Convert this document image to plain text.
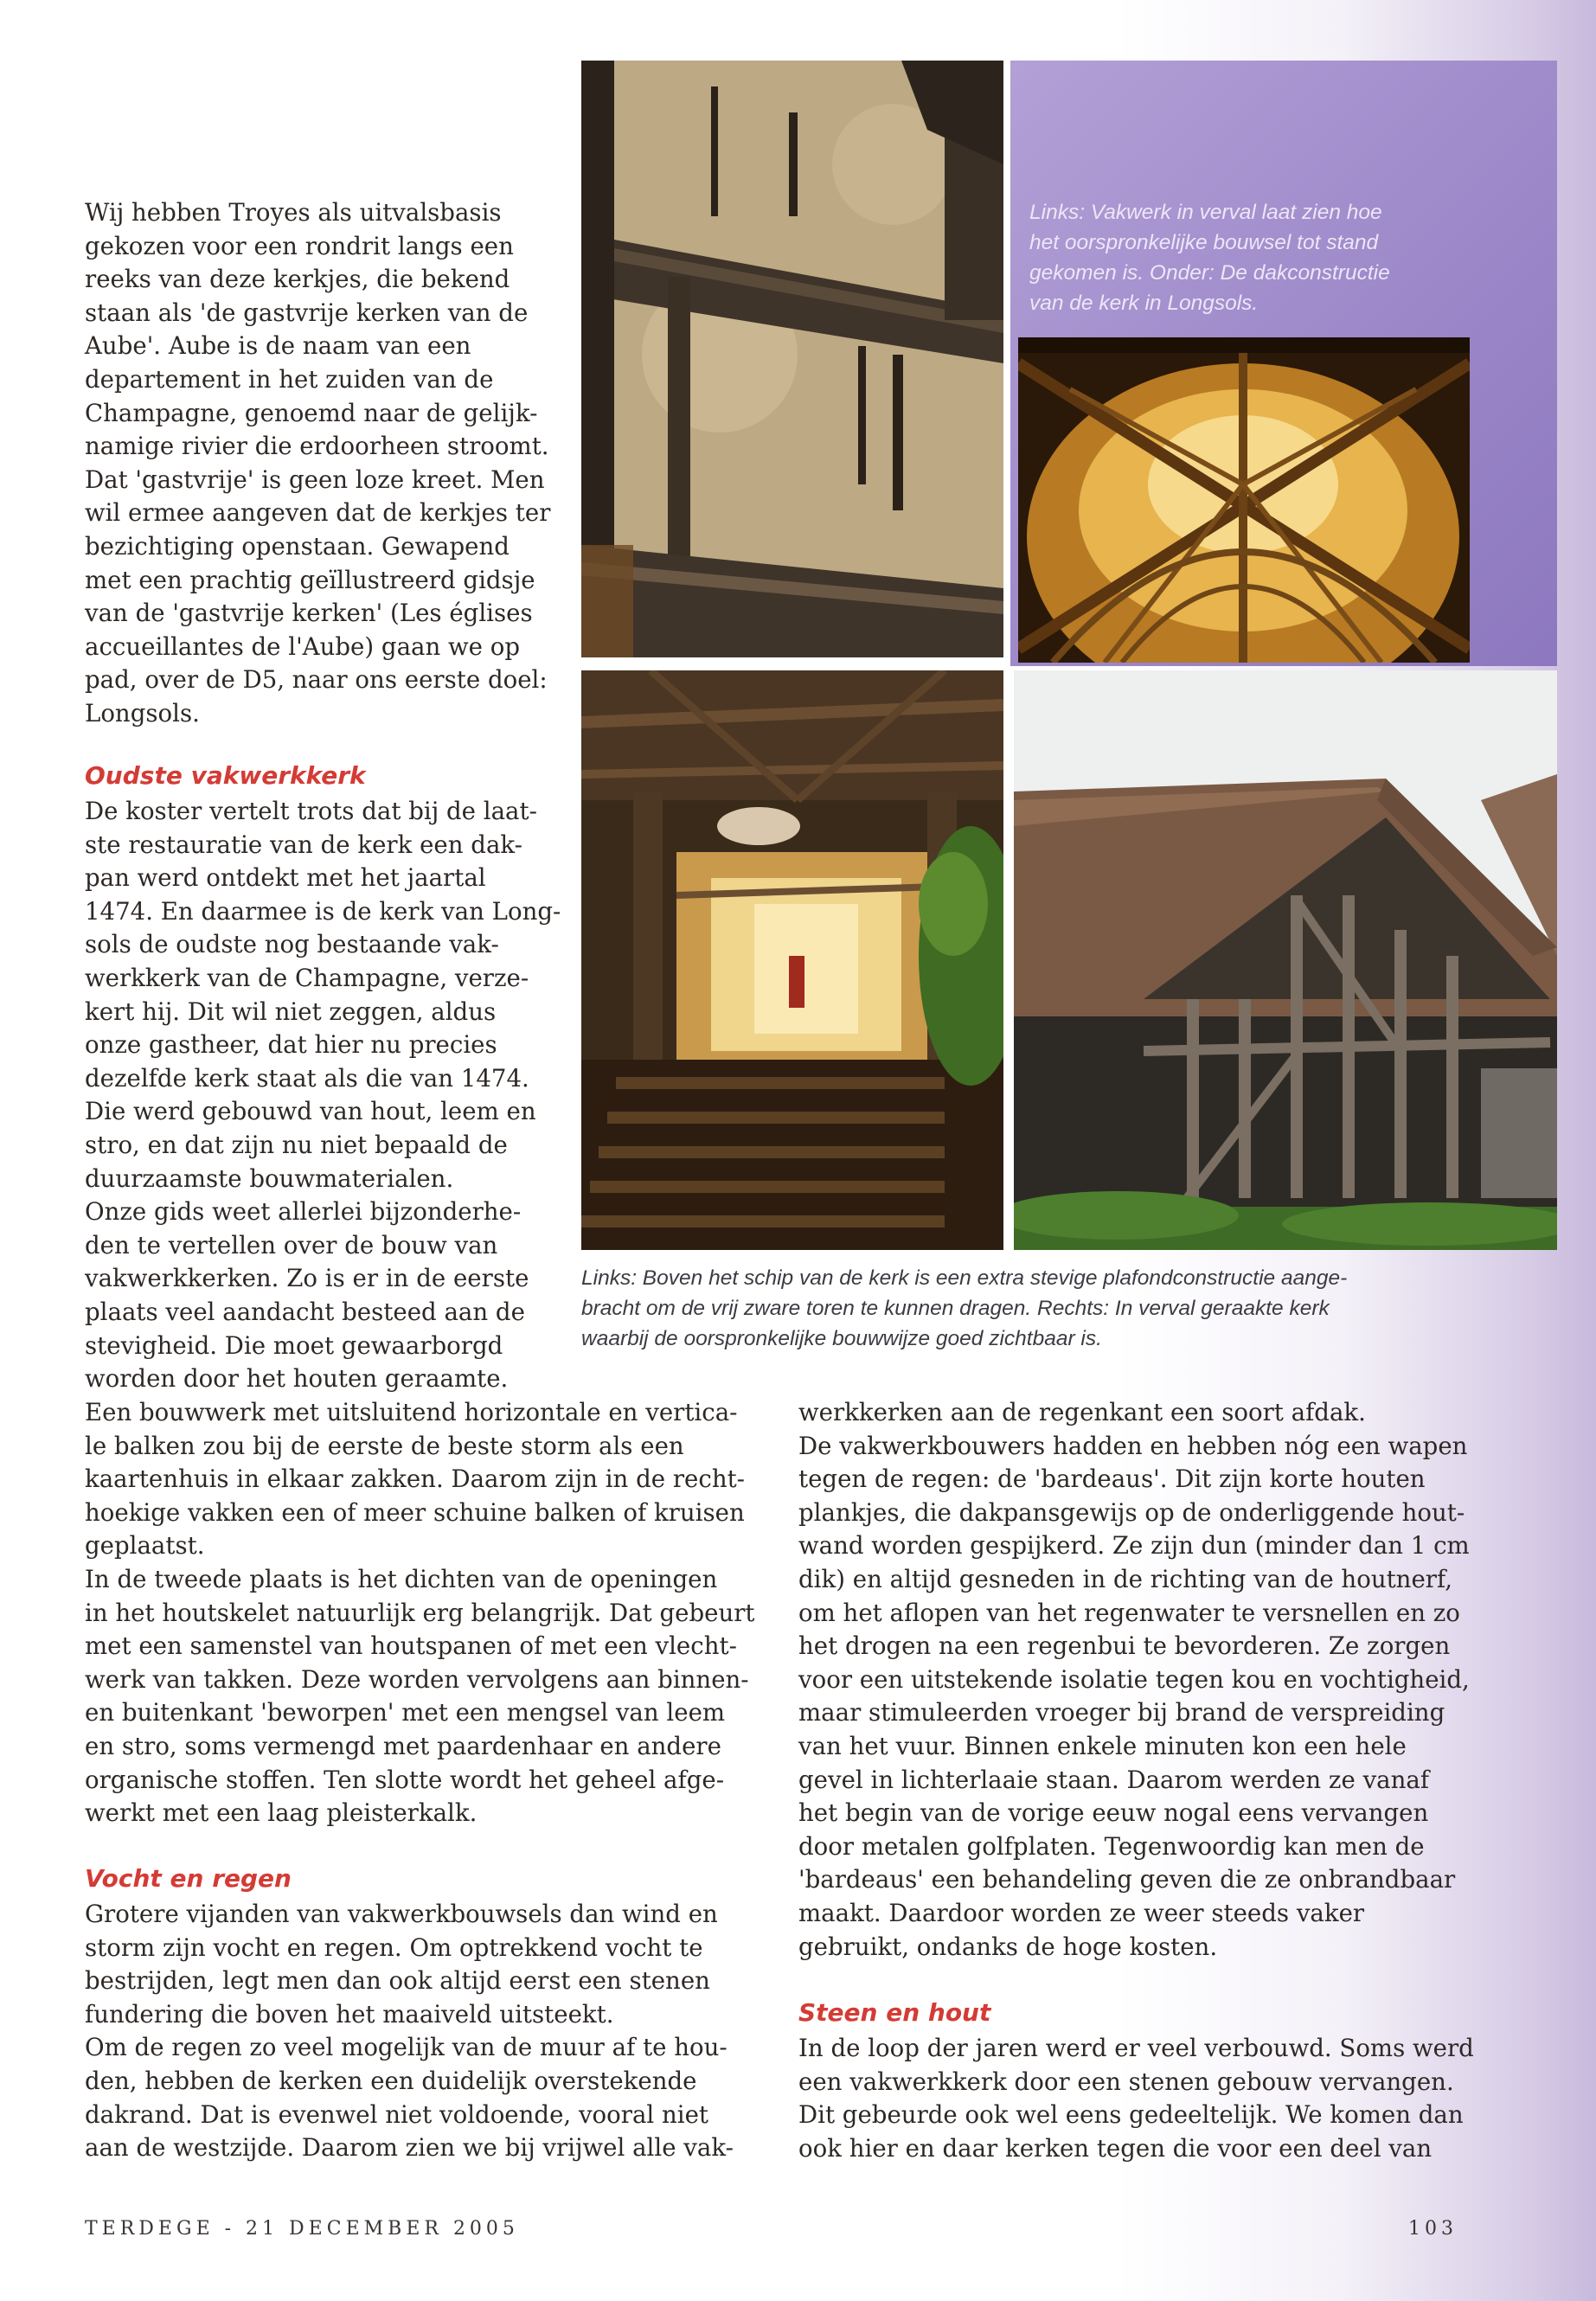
Wij hebben Troyes als uitvalsbasis
gekozen voor een rondrit langs een
reeks van deze kerkjes, die bekend
staan als 'de gastvrije kerken van de
Aube'. Aube is de naam van een
departement in het zuiden van de
Champagne, genoemd naar de gelijk-
namige rivier die erdoorheen stroomt.
Dat 'gastvrije' is geen loze kreet. Men
wil ermee aangeven dat de kerkjes ter
bezichtiging openstaan. Gewapend
met een prachtig geïllustreerd gidsje
van de 'gastvrije kerken' (Les églises
accueillantes de l'Aube) gaan we op
pad, over de D5, naar ons eerste doel:
Longsols.

Oudste vakwerkkerk

De koster vertelt trots dat bij de laat-
ste restauratie van de kerk een dak-
pan werd ontdekt met het jaartal
1474. En daarmee is de kerk van Long-
sols de oudste nog bestaande vak-
werkkerk van de Champagne, verze-
kert hij. Dit wil niet zeggen, aldus
onze gastheer, dat hier nu precies
dezelfde kerk staat als die van 1474.
Die werd gebouwd van hout, leem en
stro, en dat zijn nu niet bepaald de
duurzaamste bouwmaterialen.
Onze gids weet allerlei bijzonderhe-
den te vertellen over de bouw van
vakwerkkerken. Zo is er in de eerste
plaats veel aandacht besteed aan de
stevigheid. Die moet gewaarborgd
worden door het houten geraamte.

Een bouwwerk met uitsluitend horizontale en vertica-
le balken zou bij de eerste de beste storm als een
kaartenhuis in elkaar zakken. Daarom zijn in de recht-
hoekige vakken een of meer schuine balken of kruisen
geplaatst.
In de tweede plaats is het dichten van de openingen
in het houtskelet natuurlijk erg belangrijk. Dat gebeurt
met een samenstel van houtspanen of met een vlecht-
werk van takken. Deze worden vervolgens aan binnen-
en buitenkant 'beworpen' met een mengsel van leem
en stro, soms vermengd met paardenhaar en andere
organische stoffen. Ten slotte wordt het geheel afge-
werkt met een laag pleisterkalk.

Vocht en regen

Grotere vijanden van vakwerkbouwsels dan wind en
storm zijn vocht en regen. Om optrekkend vocht te
bestrijden, legt men dan ook altijd eerst een stenen
fundering die boven het maaiveld uitsteekt.
Om de regen zo veel mogelijk van de muur af te hou-
den, hebben de kerken een duidelijk overstekende
dakrand. Dat is evenwel niet voldoende, vooral niet
aan de westzijde. Daarom zien we bij vrijwel alle vak-

werkkerken aan de regenkant een soort afdak.
De vakwerkbouwers hadden en hebben nóg een wapen
tegen de regen: de 'bardeaus'. Dit zijn korte houten
plankjes, die dakpansgewijs op de onderliggende hout-
wand worden gespijkerd. Ze zijn dun (minder dan 1 cm
dik) en altijd gesneden in de richting van de houtnerf,
om het aflopen van het regenwater te versnellen en zo
het drogen na een regenbui te bevorderen. Ze zorgen
voor een uitstekende isolatie tegen kou en vochtigheid,
maar stimuleerden vroeger bij brand de verspreiding
van het vuur. Binnen enkele minuten kon een hele
gevel in lichterlaaie staan. Daarom werden ze vanaf
het begin van de vorige eeuw nogal eens vervangen
door metalen golfplaten. Tegenwoordig kan men de
'bardeaus' een behandeling geven die ze onbrandbaar
maakt. Daardoor worden ze weer steeds vaker
gebruikt, ondanks de hoge kosten.

Steen en hout

In de loop der jaren werd er veel verbouwd. Soms werd
een vakwerkkerk door een stenen gebouw vervangen.
Dit gebeurde ook wel eens gedeeltelijk. We komen dan
ook hier en daar kerken tegen die voor een deel van

Links: Vakwerk in verval laat zien hoe
het oorspronkelijke bouwsel tot stand
gekomen is. Onder: De dakconstructie
van de kerk in Longsols.

Links: Boven het schip van de kerk is een extra stevige plafondconstructie aange-
bracht om de vrij zware toren te kunnen dragen. Rechts: In verval geraakte kerk
waarbij de oorspronkelijke bouwwijze goed zichtbaar is.

TERDEGE - 21 DECEMBER 2005	103
